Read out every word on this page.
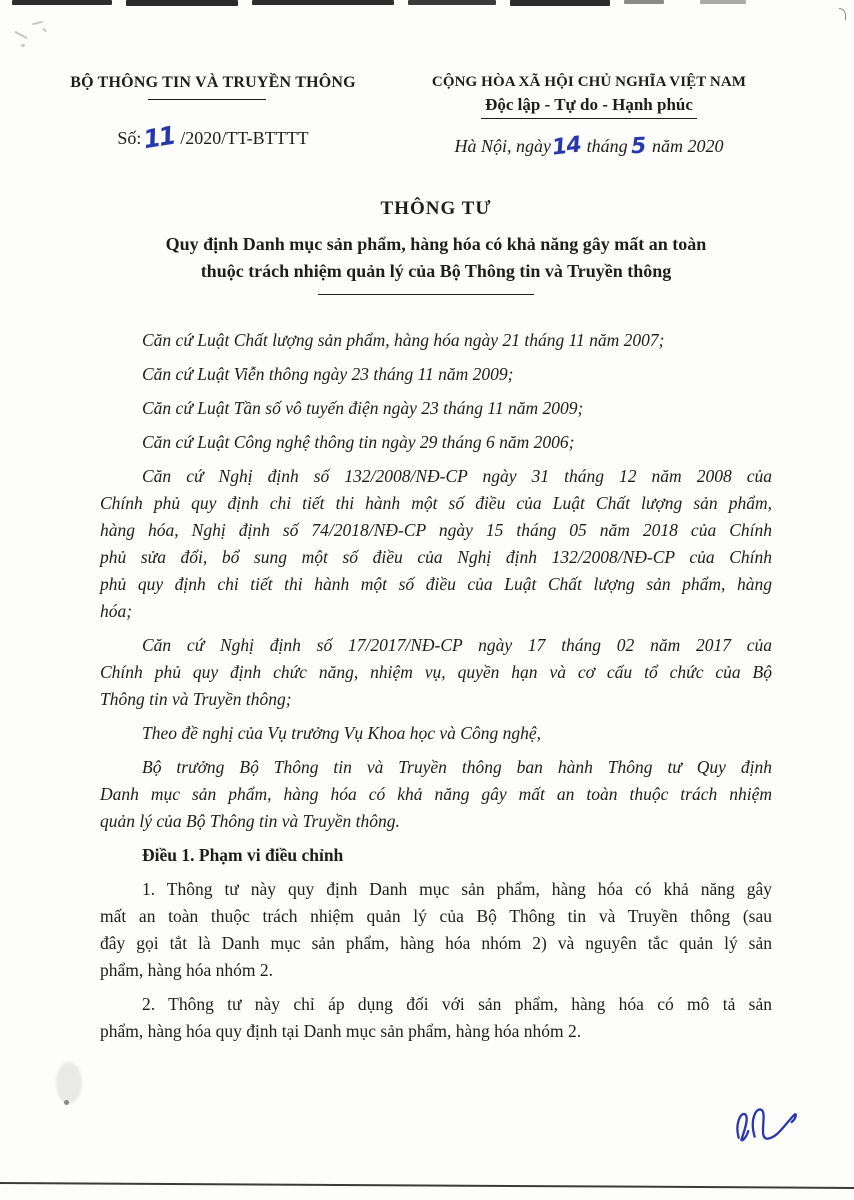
BỘ THÔNG TIN VÀ TRUYỀN THÔNG
Số:11 /2020/TT-BTTTT
CỘNG HÒA XÃ HỘI CHỦ NGHĨA VIỆT NAM
Độc lập - Tự do - Hạnh phúc
Hà Nội, ngày14 tháng 5 năm 2020
THÔNG TƯ
Quy định Danh mục sản phẩm, hàng hóa có khả năng gây mất an toàn
thuộc trách nhiệm quản lý của Bộ Thông tin và Truyền thông

Căn cứ Luật Chất lượng sản phẩm, hàng hóa ngày 21 tháng 11 năm 2007;

Căn cứ Luật Viễn thông ngày 23 tháng 11 năm 2009;

Căn cứ Luật Tần số vô tuyến điện ngày 23 tháng 11 năm 2009;

Căn cứ Luật Công nghệ thông tin ngày 29 tháng 6 năm 2006;

Căn cứ Nghị định số 132/2008/NĐ-CP ngày 31 tháng 12 năm 2008 của
Chính phủ quy định chi tiết thi hành một số điều của Luật Chất lượng sản phẩm,
hàng hóa, Nghị định số 74/2018/NĐ-CP ngày 15 tháng 05 năm 2018 của Chính
phủ sửa đổi, bổ sung một số điều của Nghị định 132/2008/NĐ-CP của Chính
phủ quy định chi tiết thi hành một số điều của Luật Chất lượng sản phẩm, hàng
hóa;
Căn cứ Nghị định số 17/2017/NĐ-CP ngày 17 tháng 02 năm 2017 của
Chính phủ quy định chức năng, nhiệm vụ, quyền hạn và cơ cấu tổ chức của Bộ
Thông tin và Truyền thông;

Theo đề nghị của Vụ trưởng Vụ Khoa học và Công nghệ,

Bộ trưởng Bộ Thông tin và Truyền thông ban hành Thông tư Quy định
Danh mục sản phẩm, hàng hóa có khả năng gây mất an toàn thuộc trách nhiệm
quản lý của Bộ Thông tin và Truyền thông.

Điều 1. Phạm vi điều chỉnh

1. Thông tư này quy định Danh mục sản phẩm, hàng hóa có khả năng gây
mất an toàn thuộc trách nhiệm quản lý của Bộ Thông tin và Truyền thông (sau
đây gọi tắt là Danh mục sản phẩm, hàng hóa nhóm 2) và nguyên tắc quản lý sản
phẩm, hàng hóa nhóm 2.
2. Thông tư này chỉ áp dụng đối với sản phẩm, hàng hóa có mô tả sản
phẩm, hàng hóa quy định tại Danh mục sản phẩm, hàng hóa nhóm 2.
